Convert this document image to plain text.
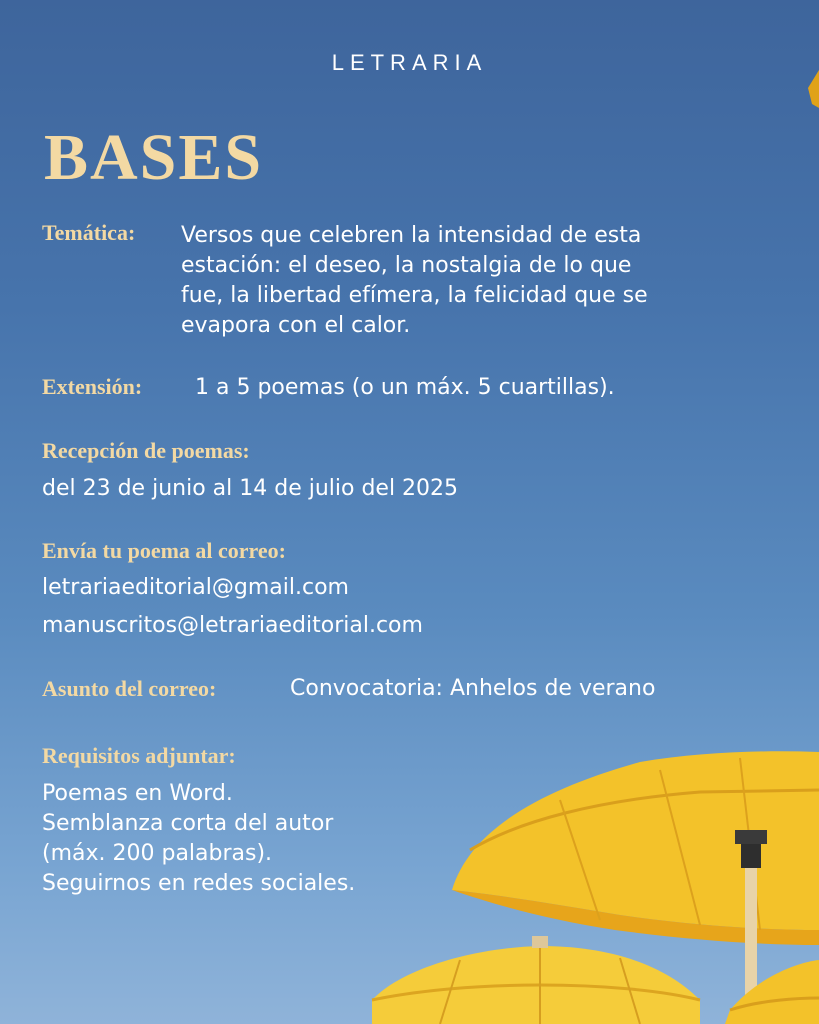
LETRARIA
BASES
Temática: Versos que celebren la intensidad de esta
estación: el deseo, la nostalgia de lo que
fue, la libertad efímera, la felicidad que se
evapora con el calor.
Extensión: 1 a 5 poemas (o un máx. 5 cuartillas).
Recepción de poemas:
del 23 de junio al 14 de julio del 2025
Envía tu poema al correo:
letrariaeditorial@gmail.com
manuscritos@letrariaeditorial.com
Asunto del correo:	Convocatoria: Anhelos de verano
Requisitos adjuntar:
Poemas en Word.
Semblanza corta del autor
(máx. 200 palabras).
Seguirnos en redes sociales.
